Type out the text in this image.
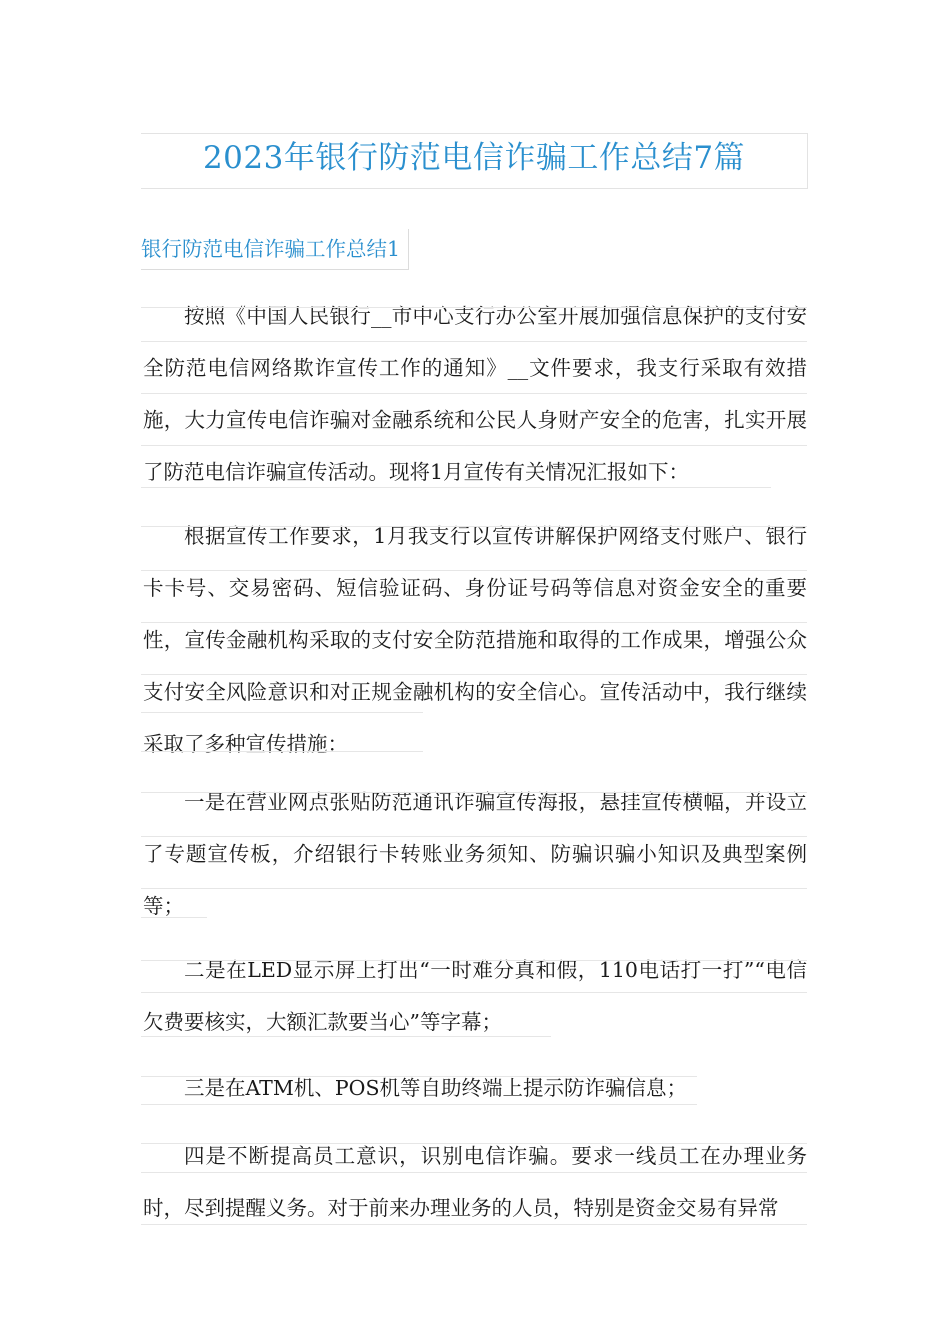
2023年银行防范电信诈骗工作总结7篇
银行防范电信诈骗工作总结1

按照《中国人民银行__市中心支行办公室开展加强信息保护的支付安全防范电信网络欺诈宣传工作的通知》__文件要求，我支行采取有效措施，大力宣传电信诈骗对金融系统和公民人身财产安全的危害，扎实开展了防范电信诈骗宣传活动。现将1月宣传有关情况汇报如下：

根据宣传工作要求，1月我支行以宣传讲解保护网络支付账户、银行卡卡号、交易密码、短信验证码、身份证号码等信息对资金安全的重要性，宣传金融机构采取的支付安全防范措施和取得的工作成果，增强公众支付安全风险意识和对正规金融机构的安全信心。宣传活动中，我行继续采取了多种宣传措施：

一是在营业网点张贴防范通讯诈骗宣传海报，悬挂宣传横幅，并设立了专题宣传板，介绍银行卡转账业务须知、防骗识骗小知识及典型案例等；

二是在LED显示屏上打出“一时难分真和假，110电话打一打”“电信欠费要核实，大额汇款要当心”等字幕；

三是在ATM机、POS机等自助终端上提示防诈骗信息；

四是不断提高员工意识，识别电信诈骗。要求一线员工在办理业务时，尽到提醒义务。对于前来办理业务的人员，特别是资金交易有异常
